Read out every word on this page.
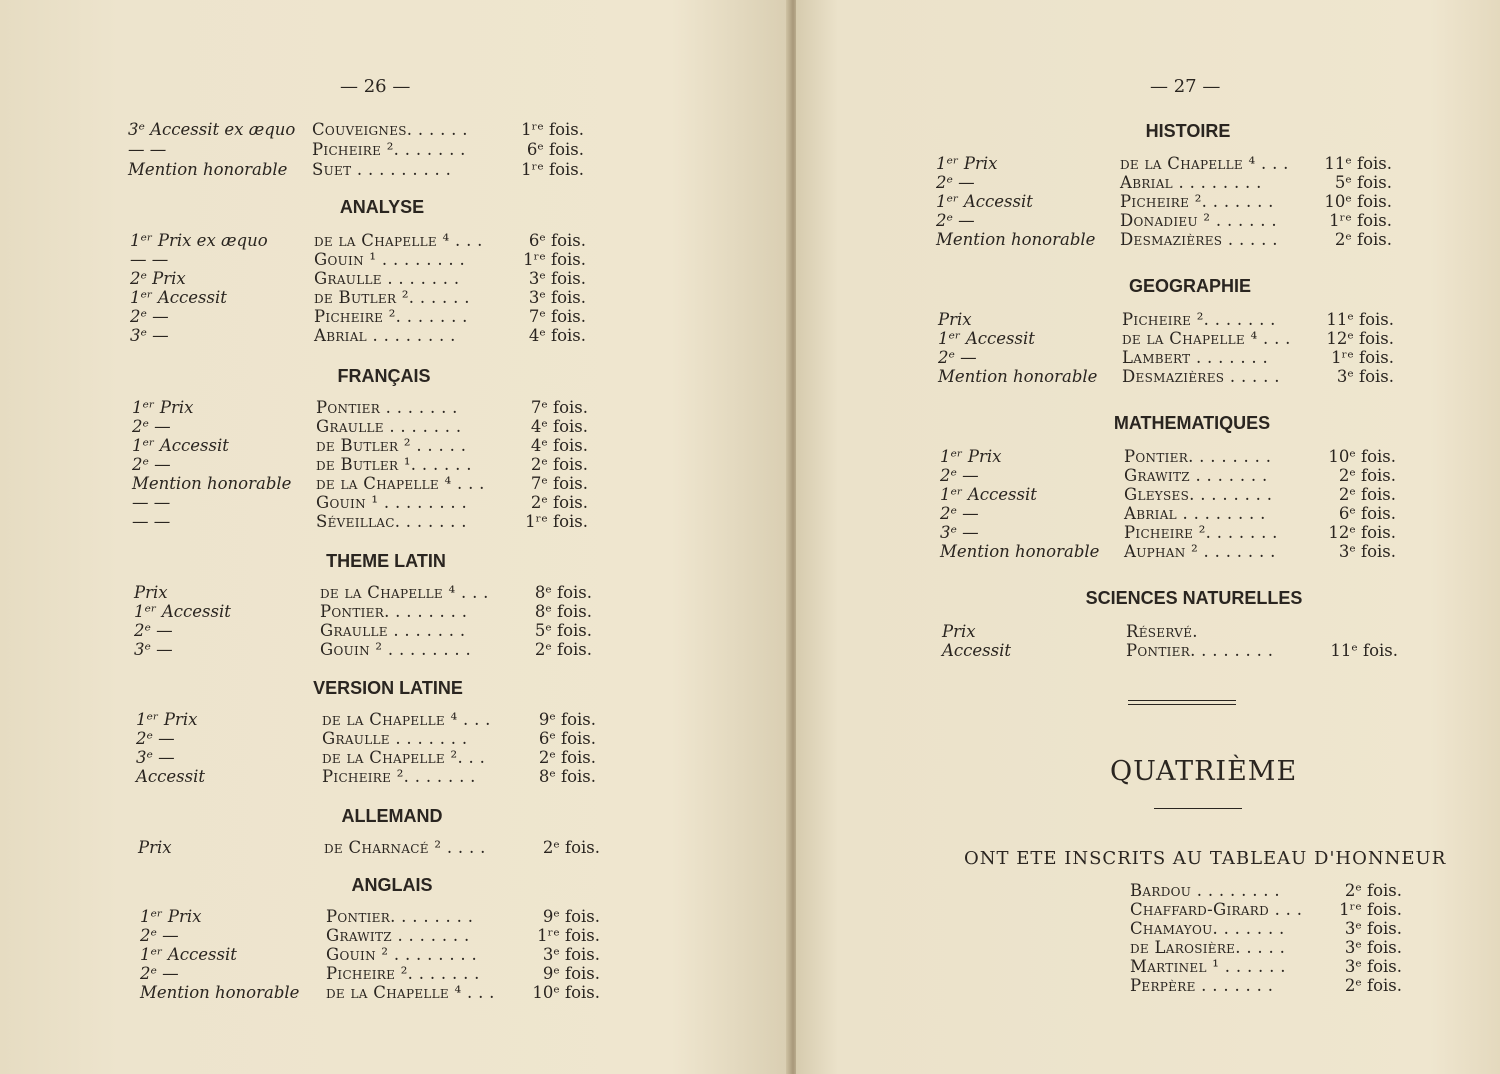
— 26 —
3ᵉ Accessit ex æquo Couveignes. . . . . .	1ʳᵉ fois.
— —	Picheire ². . . . . . .	6ᵉ fois.
Mention honorable Suet . . . . . . . . .	1ʳᵉ fois.
ANALYSE
1ᵉʳ Prix ex æquo	de la Chapelle ⁴ . . .	6ᵉ fois.
— —	Gouin ¹ . . . . . . . .	1ʳᵉ fois.
2ᵉ Prix	Graulle . . . . . . .	3ᵉ fois.
1ᵉʳ Accessit	de Butler ². . . . . .	3ᵉ fois.
2ᵉ —	Picheire ². . . . . . .	7ᵉ fois.
3ᵉ —	Abrial . . . . . . . .	4ᵉ fois.
FRANÇAIS
1ᵉʳ Prix	Pontier . . . . . . .	7ᵉ fois.
2ᵉ —	Graulle . . . . . . .	4ᵉ fois.
1ᵉʳ Accessit	de Butler ² . . . . .	4ᵉ fois.
2ᵉ —	de Butler ¹. . . . . .	2ᵉ fois.
Mention honorable de la Chapelle ⁴ . . .	7ᵉ fois.
— —	Gouin ¹ . . . . . . . .	2ᵉ fois.
— —	Séveillac. . . . . . .	1ʳᵉ fois.
THEME LATIN
Prix	de la Chapelle ⁴ . . .	8ᵉ fois.
1ᵉʳ Accessit	Pontier. . . . . . . .	8ᵉ fois.
2ᵉ —	Graulle . . . . . . .	5ᵉ fois.
3ᵉ —	Gouin ² . . . . . . . .	2ᵉ fois.
VERSION LATINE
1ᵉʳ Prix	de la Chapelle ⁴ . . .	9ᵉ fois.
2ᵉ —	Graulle . . . . . . .	6ᵉ fois.
3ᵉ —	de la Chapelle ². . .	2ᵉ fois.
Accessit	Picheire ². . . . . . .	8ᵉ fois.
ALLEMAND
Prix	de Charnacé ² . . . .	2ᵉ fois.
ANGLAIS
1ᵉʳ Prix	Pontier. . . . . . . .	9ᵉ fois.
2ᵉ —	Grawitz . . . . . . .	1ʳᵉ fois.
1ᵉʳ Accessit	Gouin ² . . . . . . . .	3ᵉ fois.
2ᵉ —	Picheire ². . . . . . .	9ᵉ fois.
Mention honorable de la Chapelle ⁴ . . . 10ᵉ fois.
— 27 —
HISTOIRE
1ᵉʳ Prix	de la Chapelle ⁴ . . . 11ᵉ fois.
2ᵉ —	Abrial . . . . . . . .	5ᵉ fois.
1ᵉʳ Accessit	Picheire ². . . . . . .	10ᵉ fois.
2ᵉ —	Donadieu ² . . . . . .	1ʳᵉ fois.
Mention honorable Desmazières . . . . .	2ᵉ fois.
GEOGRAPHIE
Prix	Picheire ². . . . . . .	11ᵉ fois.
1ᵉʳ Accessit	de la Chapelle ⁴ . . . 12ᵉ fois.
2ᵉ —	Lambert . . . . . . .	1ʳᵉ fois.
Mention honorable Desmazières . . . . .	3ᵉ fois.
MATHEMATIQUES
1ᵉʳ Prix	Pontier. . . . . . . .	10ᵉ fois.
2ᵉ —	Grawitz . . . . . . .	2ᵉ fois.
1ᵉʳ Accessit	Gleyses. . . . . . . .	2ᵉ fois.
2ᵉ —	Abrial . . . . . . . .	6ᵉ fois.
3ᵉ —	Picheire ². . . . . . .	12ᵉ fois.
Mention honorable Auphan ² . . . . . . .	3ᵉ fois.
SCIENCES NATURELLES
Prix	Réservé.
Accessit	Pontier. . . . . . . .	11ᵉ fois.
QUATRIÈME
ONT ETE INSCRITS AU TABLEAU D'HONNEUR
Bardou . . . . . . . .	2ᵉ fois.
Chaffard-Girard . . . 1ʳᵉ fois.
Chamayou. . . . . . .	3ᵉ fois.
de Larosière. . . . .	3ᵉ fois.
Martinel ¹ . . . . . .	3ᵉ fois.
Perpère . . . . . . .	2ᵉ fois.
